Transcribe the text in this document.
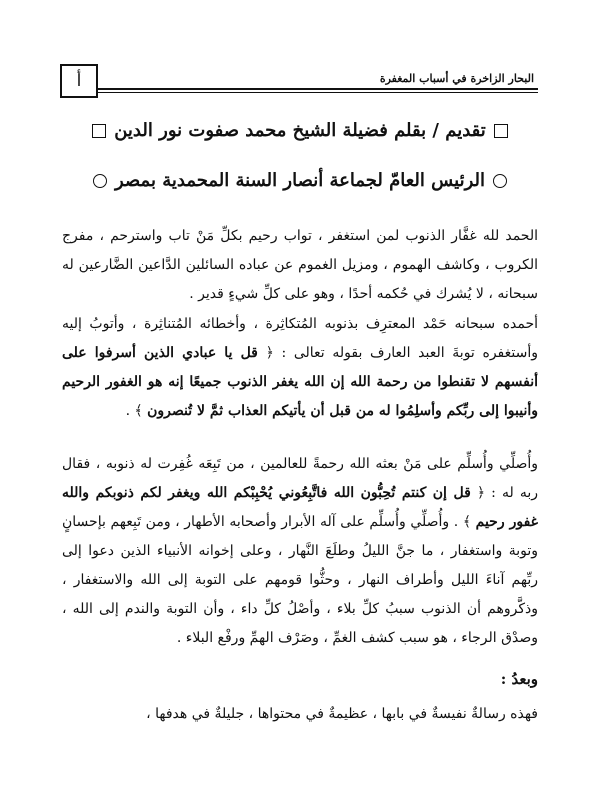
أ	البحار الزاخرة في أسباب المغفرة
تقديم / بقلم فضيلة الشيخ محمد صفوت نور الدين
الرئيس العامّ لجماعة أنصار السنة المحمدية بمصر
الحمد لله غفَّار الذنوب لمن استغفر ، تواب رحيم بكلِّ مَنْ تاب واسترحم ، مفرج الكروب ، وكاشف الهموم ، ومزيل الغموم عن عباده السائلين الدَّاعين الضَّارعين له سبحانه ، لا يُشرك في حُكمه أحدًا ، وهو على كلِّ شيءٍ قدير .
أحمده سبحانه حَمْد المعترِف بذنوبه المُتكاثِرة ، وأخطائه المُتناثِرة ، وأتوبُ إليه وأستغفره توبةَ العبد العارف بقوله تعالى : ﴿ قل يا عبادي الذين أسرفوا على أنفسهم لا تقنطوا من رحمة الله إن الله يغفر الذنوب جميعًا إنه هو الغفور الرحيم وأنيبوا إلى ربِّكم وأسلِمُوا له من قبل أن يأتيكم العذاب ثمَّ لا تُنصرون ﴾ .
وأُصلِّي وأُسلِّم على مَنْ بعثه الله رحمةً للعالمين ، من تَبِعَه غُفِرت له ذنوبه ، فقال ربه له : ﴿ قل إن كنتم تُحِبُّون الله فاتَّبِعُوني يُحْبِبْكم الله ويغفر لكم ذنوبكم والله غفور رحيم ﴾ . وأُصلِّي وأُسلِّم على آله الأبرار وأصحابه الأطهار ، ومن تَبِعهم بإحسانٍ وتوبة واستغفار ، ما جنَّ الليلُ وطلَعَ النَّهار ، وعلى إخوانه الأنبياء الذين دعوا إلى ربِّهم آناءَ الليل وأطراف النهار ، وحثُّوا قومهم على التوبة إلى الله والاستغفار ، وذكَّروهم أن الذنوب سببُ كلِّ بلاء ، وأصْلُ كلِّ داء ، وأن التوبة والندم إلى الله ، وصدْق الرجاء ، هو سبب كشف الغمِّ ، وصَرْف الهمِّ ورفْع البلاء .
وبعدُ :
فهذه رسالةٌ نفيسةٌ في بابها ، عظيمةٌ في محتواها ، جليلةٌ في هدفها ،
